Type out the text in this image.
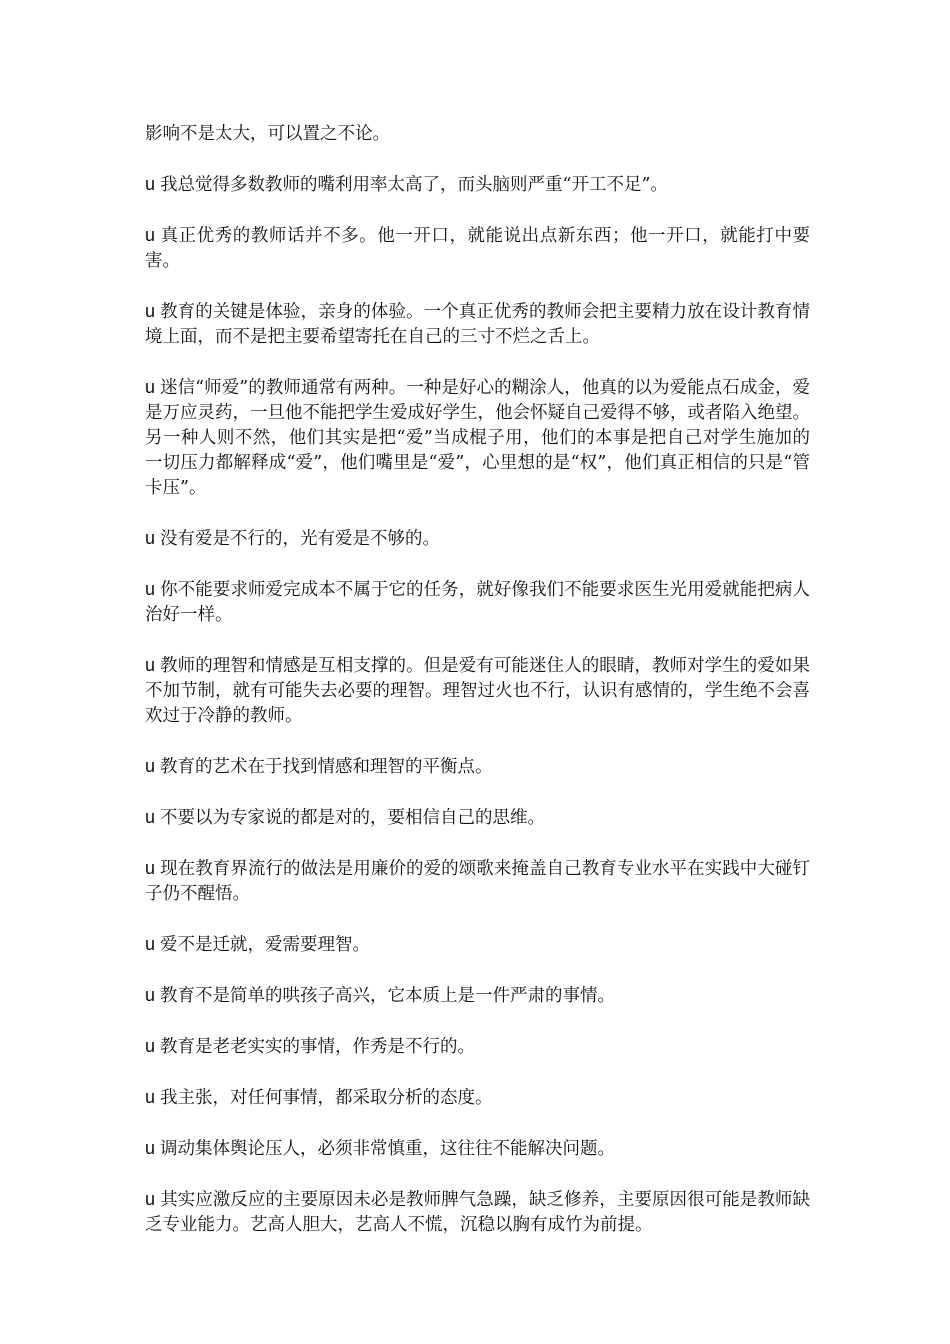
影响不是太大，可以置之不论。

u 我总觉得多数教师的嘴利用率太高了，而头脑则严重“开工不足”。

u 真正优秀的教师话并不多。他一开口，就能说出点新东西；他一开口，就能打中要害。

u 教育的关键是体验，亲身的体验。一个真正优秀的教师会把主要精力放在设计教育情境上面，而不是把主要希望寄托在自己的三寸不烂之舌上。

u 迷信“师爱”的教师通常有两种。一种是好心的糊涂人，他真的以为爱能点石成金，爱是万应灵药，一旦他不能把学生爱成好学生，他会怀疑自己爱得不够，或者陷入绝望。另一种人则不然，他们其实是把“爱”当成棍子用，他们的本事是把自己对学生施加的一切压力都解释成“爱”，他们嘴里是“爱”，心里想的是“权”，他们真正相信的只是“管卡压”。

u 没有爱是不行的，光有爱是不够的。

u 你不能要求师爱完成本不属于它的任务，就好像我们不能要求医生光用爱就能把病人治好一样。

u 教师的理智和情感是互相支撑的。但是爱有可能迷住人的眼睛，教师对学生的爱如果不加节制，就有可能失去必要的理智。理智过火也不行，认识有感情的，学生绝不会喜欢过于冷静的教师。

u 教育的艺术在于找到情感和理智的平衡点。

u 不要以为专家说的都是对的，要相信自己的思维。

u 现在教育界流行的做法是用廉价的爱的颂歌来掩盖自己教育专业水平在实践中大碰钉子仍不醒悟。

u 爱不是迁就，爱需要理智。

u 教育不是简单的哄孩子高兴，它本质上是一件严肃的事情。

u 教育是老老实实的事情，作秀是不行的。

u 我主张，对任何事情，都采取分析的态度。

u 调动集体舆论压人，必须非常慎重，这往往不能解决问题。

u 其实应激反应的主要原因未必是教师脾气急躁，缺乏修养，主要原因很可能是教师缺乏专业能力。艺高人胆大，艺高人不慌，沉稳以胸有成竹为前提。
